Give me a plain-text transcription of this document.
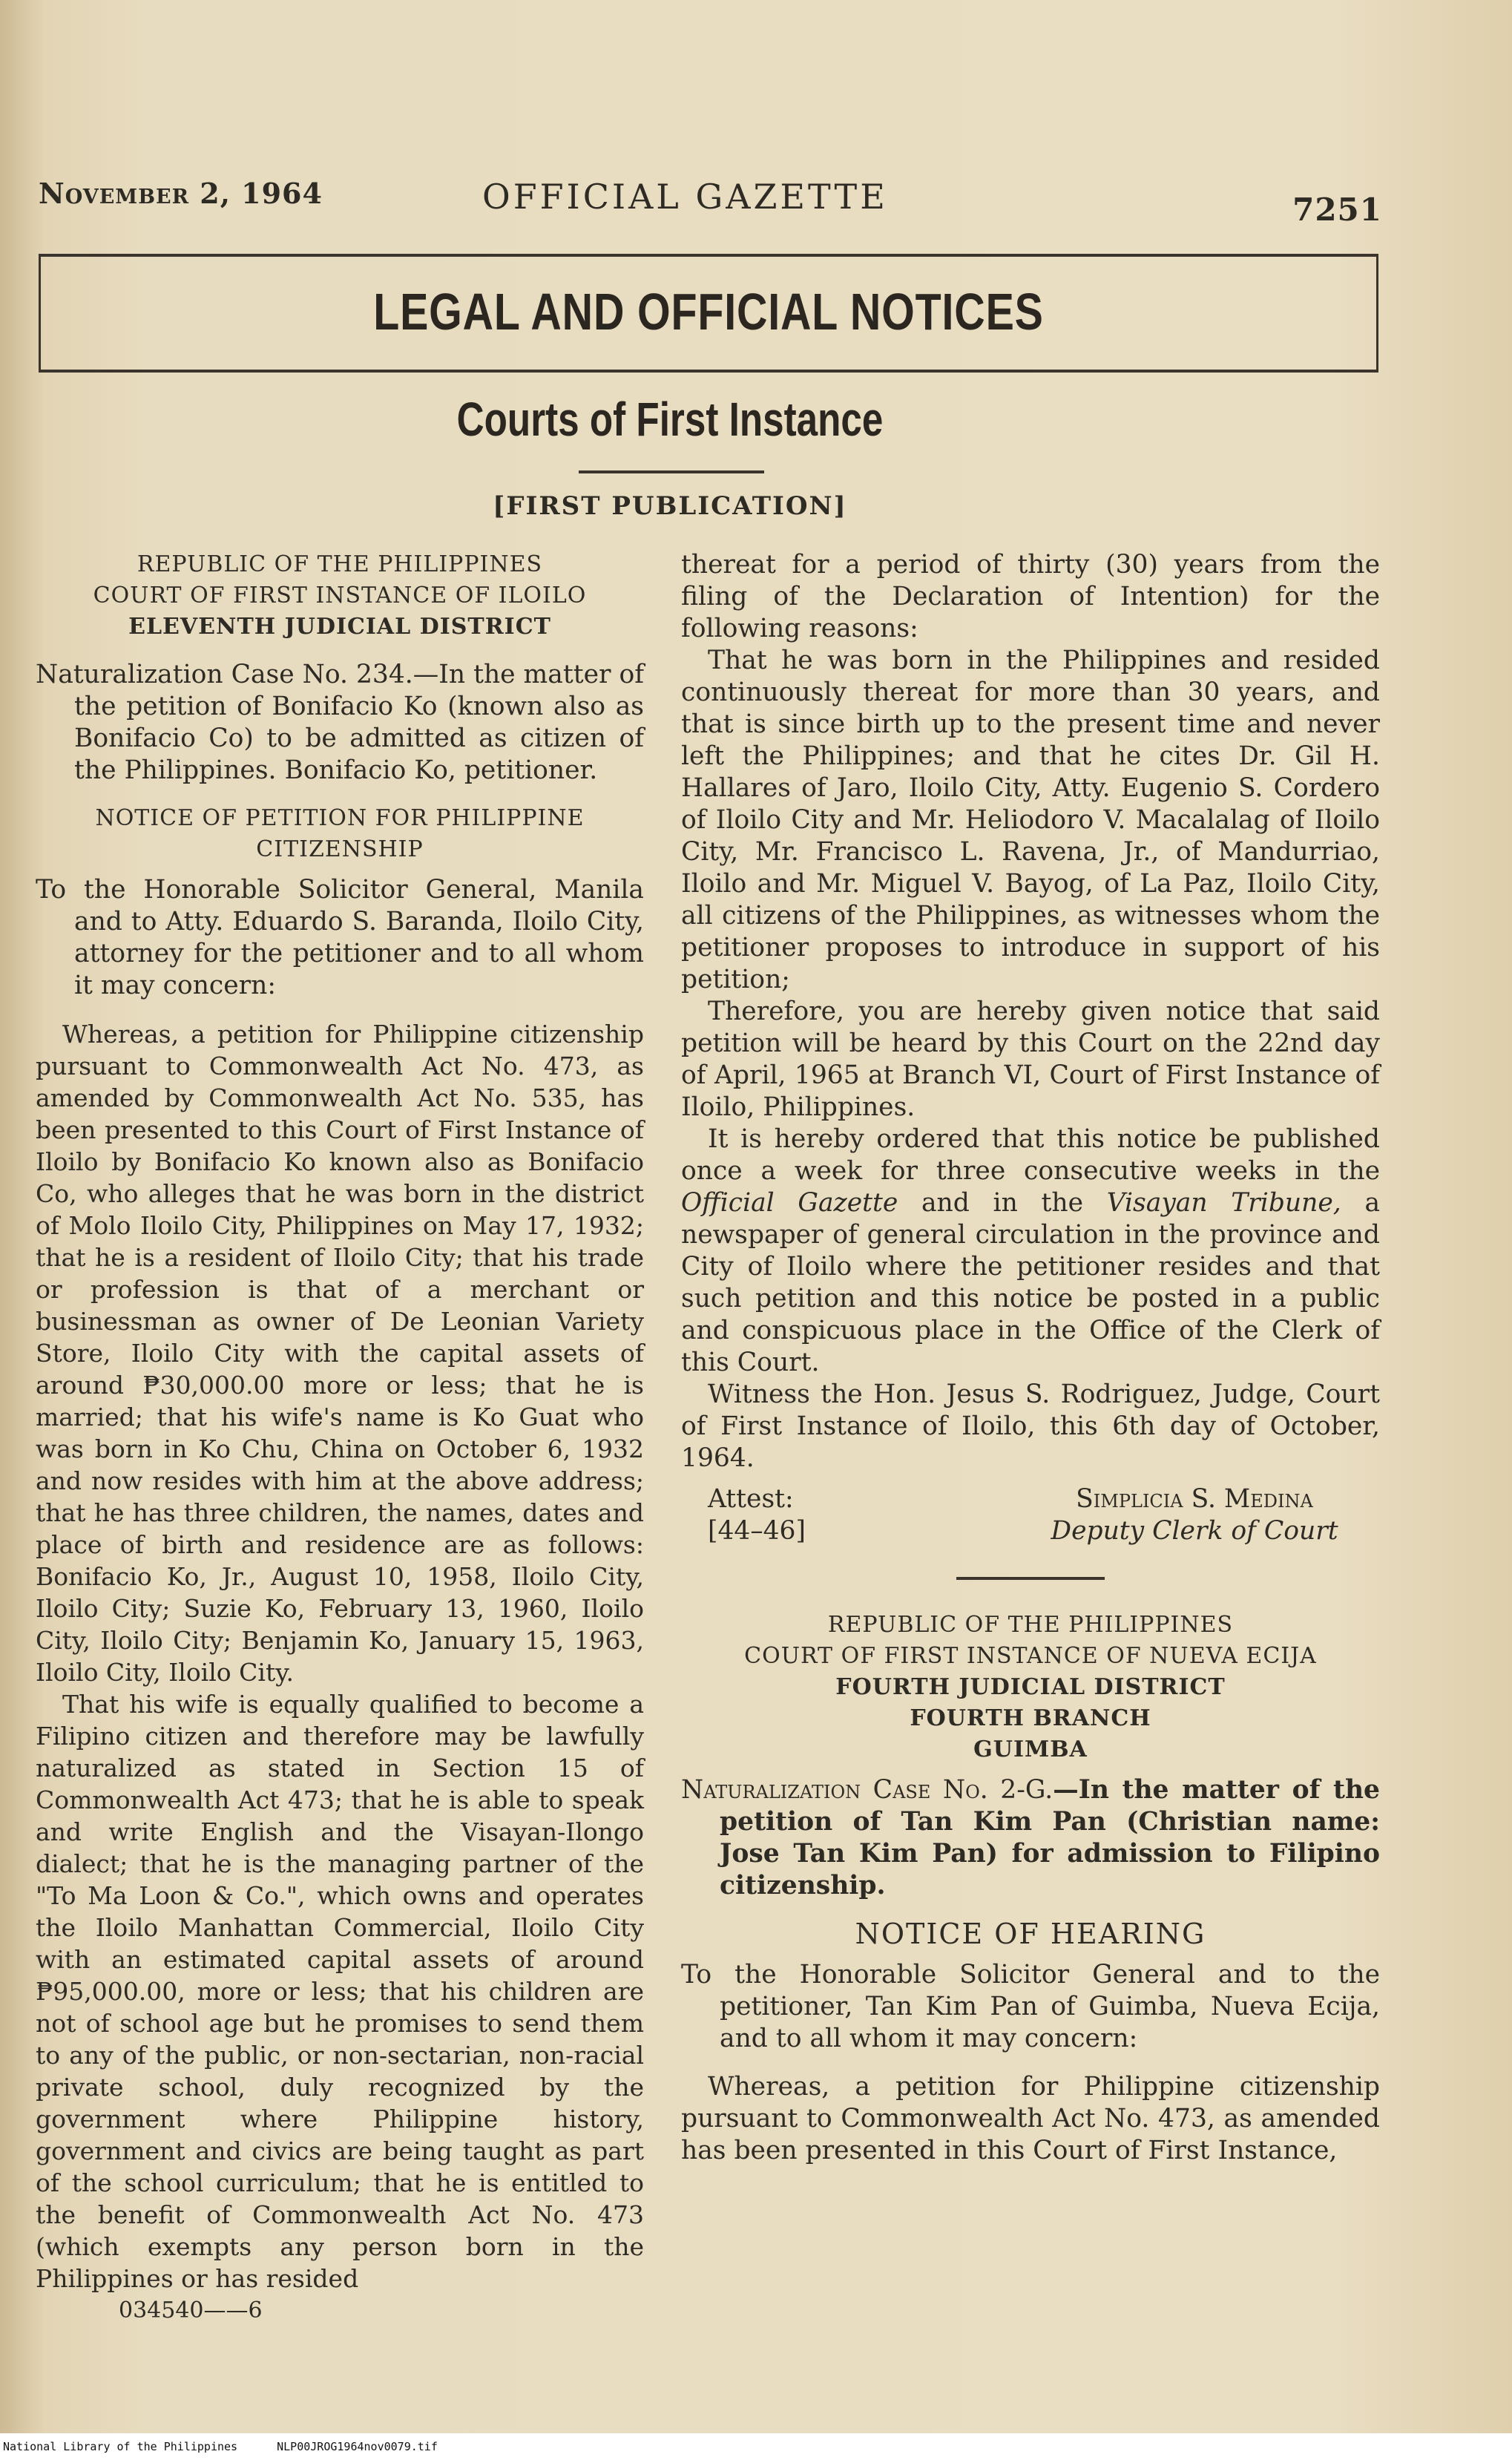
November 2, 1964	OFFICIAL GAZETTE	7251
LEGAL AND OFFICIAL NOTICES
Courts of First Instance
[FIRST PUBLICATION]

REPUBLIC OF THE PHILIPPINES

COURT OF FIRST INSTANCE OF ILOILO

ELEVENTH JUDICIAL DISTRICT

Naturalization Case No. 234.—In the matter of the petition of Bonifacio Ko (known also as Bonifacio Co) to be admitted as citizen of the Philippines. Bonifacio Ko, petitioner.

NOTICE OF PETITION FOR PHILIPPINE CITIZENSHIP

To the Honorable Solicitor General, Manila and to Atty. Eduardo S. Baranda, Iloilo City, attorney for the petitioner and to all whom it may concern:

Whereas, a petition for Philippine citizenship pursuant to Commonwealth Act No. 473, as amended by Commonwealth Act No. 535, has been presented to this Court of First Instance of Iloilo by Bonifacio Ko known also as Bonifacio Co, who alleges that he was born in the district of Molo Iloilo City, Philippines on May 17, 1932; that he is a resident of Iloilo City; that his trade or profession is that of a merchant or businessman as owner of De Leonian Variety Store, Iloilo City with the capital assets of around ₱30,000.00 more or less; that he is married; that his wife's name is Ko Guat who was born in Ko Chu, China on October 6, 1932 and now resides with him at the above address; that he has three children, the names, dates and place of birth and residence are as follows: Bonifacio Ko, Jr., August 10, 1958, Iloilo City, Iloilo City; Suzie Ko, February 13, 1960, Iloilo City, Iloilo City; Benjamin Ko, January 15, 1963, Iloilo City, Iloilo City.

That his wife is equally qualified to become a Filipino citizen and therefore may be lawfully naturalized as stated in Section 15 of Commonwealth Act 473; that he is able to speak and write English and the Visayan-Ilongo dialect; that he is the managing partner of the "To Ma Loon & Co.", which owns and operates the Iloilo Manhattan Commercial, Iloilo City with an estimated capital assets of around ₱95,000.00, more or less; that his children are not of school age but he promises to send them to any of the public, or non-sectarian, non-racial private school, duly recognized by the government where Philippine history, government and civics are being taught as part of the school curriculum; that he is entitled to the benefit of Commonwealth Act No. 473 (which exempts any person born in the Philippines or has resided

034540——6

thereat for a period of thirty (30) years from the filing of the Declaration of Intention) for the following reasons:

That he was born in the Philippines and resided continuously thereat for more than 30 years, and that is since birth up to the present time and never left the Philippines; and that he cites Dr. Gil H. Hallares of Jaro, Iloilo City, Atty. Eugenio S. Cordero of Iloilo City and Mr. Heliodoro V. Macalalag of Iloilo City, Mr. Francisco L. Ravena, Jr., of Mandurriao, Iloilo and Mr. Miguel V. Bayog, of La Paz, Iloilo City, all citizens of the Philippines, as witnesses whom the petitioner proposes to introduce in support of his petition;

Therefore, you are hereby given notice that said petition will be heard by this Court on the 22nd day of April, 1965 at Branch VI, Court of First Instance of Iloilo, Philippines.

It is hereby ordered that this notice be published once a week for three consecutive weeks in the Official Gazette and in the Visayan Tribune, a newspaper of general circulation in the province and City of Iloilo where the petitioner resides and that such petition and this notice be posted in a public and conspicuous place in the Office of the Clerk of this Court.

Witness the Hon. Jesus S. Rodriguez, Judge, Court of First Instance of Iloilo, this 6th day of October, 1964.

Attest:
[44–46]
Simplicia S. Medina
Deputy Clerk of Court

REPUBLIC OF THE PHILIPPINES

COURT OF FIRST INSTANCE OF NUEVA ECIJA

FOURTH JUDICIAL DISTRICT

FOURTH BRANCH

GUIMBA

Naturalization Case No. 2-G.—In the matter of the petition of Tan Kim Pan (Christian name: Jose Tan Kim Pan) for admission to Filipino citizenship.

NOTICE OF HEARING

To the Honorable Solicitor General and to the petitioner, Tan Kim Pan of Guimba, Nueva Ecija, and to all whom it may concern:

Whereas, a petition for Philippine citizenship pursuant to Commonwealth Act No. 473, as amended has been presented in this Court of First Instance,

National Library of the Philippines	NLP00JROG1964nov0079.tif
